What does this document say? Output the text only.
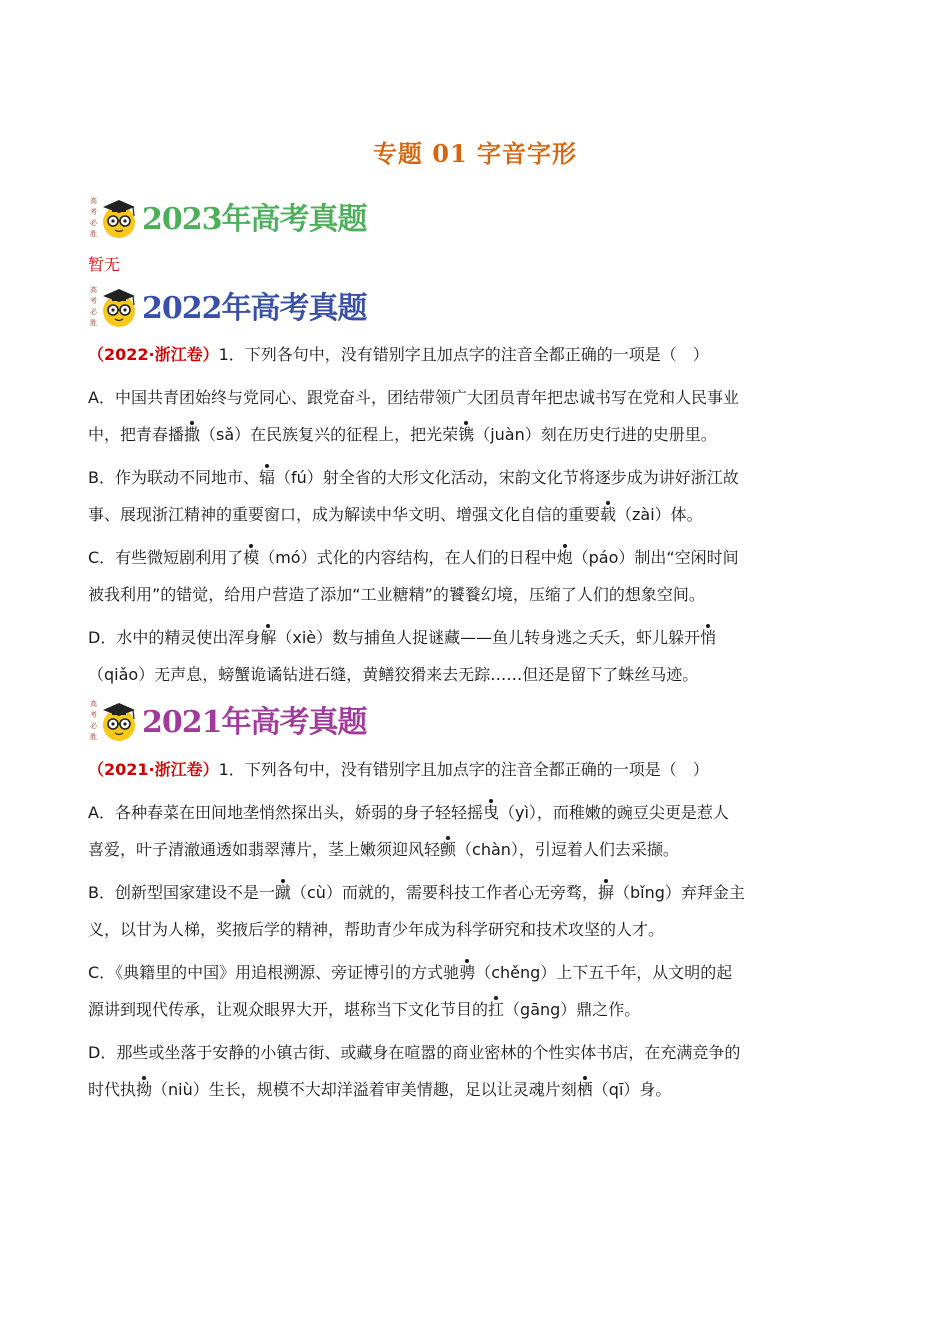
专题 01 字音字形
高
考
必
胜 2023年高考真题
暂无
高
考
必
胜 2022年高考真题
（2022·浙江卷）1．下列各句中，没有错别字且加点字的注音全都正确的一项是（　）

A．中国共青团始终与党同心、跟党奋斗，团结带领广大团员青年把忠诚书写在党和人民事业

中，把青春播撒（sǎ）在民族复兴的征程上，把光荣镌（juàn）刻在历史行进的史册里。

B．作为联动不同地市、辐（fú）射全省的大形文化活动，宋韵文化节将逐步成为讲好浙江故

事、展现浙江精神的重要窗口，成为解读中华文明、增强文化自信的重要载（zài）体。

C．有些微短剧利用了模（mó）式化的内容结构，在人们的日程中炮（páo）制出“空闲时间

被我利用”的错觉，给用户营造了添加“工业糖精”的饕餮幻境，压缩了人们的想象空间。

D．水中的精灵使出浑身解（xiè）数与捕鱼人捉谜藏——鱼儿转身逃之夭夭，虾儿躲开悄

（qiǎo）无声息，螃蟹诡谲钻进石缝，黄鳝狡猾来去无踪……但还是留下了蛛丝马迹。

高
考
必
胜 2021年高考真题
（2021·浙江卷）1．下列各句中，没有错别字且加点字的注音全都正确的一项是（　）

A．各种春菜在田间地垄悄然探出头，娇弱的身子轻轻摇曳（yì），而稚嫩的豌豆尖更是惹人

喜爱，叶子清澈通透如翡翠薄片，茎上嫩须迎风轻颤（chàn），引逗着人们去采撷。

B．创新型国家建设不是一蹴（cù）而就的，需要科技工作者心无旁骛，摒（bǐng）弃拜金主

义，以甘为人梯，奖掖后学的精神，帮助青少年成为科学研究和技术攻坚的人才。

C．《典籍里的中国》用追根溯源、旁证博引的方式驰骋（chěng）上下五千年，从文明的起

源讲到现代传承，让观众眼界大开，堪称当下文化节目的扛（gāng）鼎之作。

D．那些或坐落于安静的小镇古街、或藏身在喧嚣的商业密林的个性实体书店，在充满竞争的

时代执拗（niù）生长，规模不大却洋溢着审美情趣，足以让灵魂片刻栖（qī）身。
